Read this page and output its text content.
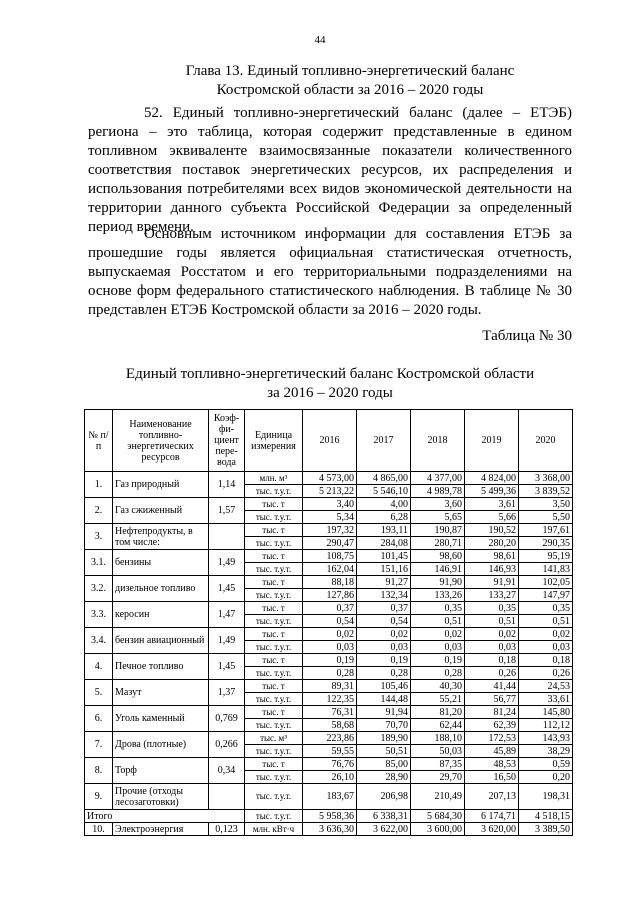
44
Глава 13. Единый топливно-энергетический баланс
Костромской области за 2016 – 2020 годы

52. Единый топливно-энергетический баланс (далее – ЕТЭБ) региона – это таблица, которая содержит представленные в едином топливном эквиваленте взаимосвязанные показатели количественного соответствия поставок энергетических ресурсов, их распределения и использования потребителями всех видов экономической деятельности на территории данного субъекта Российской Федерации за определенный период времени.

Основным источником информации для составления ЕТЭБ за прошедшие годы является официальная статистическая отчетность, выпускаемая Росстатом и его территориальными подразделениями на основе форм федерального статистического наблюдения. В таблице № 30 представлен ЕТЭБ Костромской области за 2016 – 2020 годы.

Таблица № 30
Единый топливно-энергетический баланс Костромской области
за 2016 – 2020 годы
№ п/п	Наименование топливно-энергетических ресурсов	Коэф-фи-циент пере-вода	Единица измерения	2016	2017	2018	2019	2020
1.	Газ природный	1,14	млн. м³	4 573,00	4 865,00	4 377,00	4 824,00	3 368,00
			тыс. т.у.т.	5 213,22	5 546,10	4 989,78	5 499,36	3 839,52
2.	Газ сжиженный	1,57	тыс. т	3,40	4,00	3,60	3,61	3,50
			тыс. т.у.т.	5,34	6,28	5,65	5,66	5,50
3.	Нефтепродукты, в том числе:		тыс. т	197,32	193,11	190,87	190,52	197,61
			тыс. т.у.т.	290,47	284,08	280,71	280,20	290,35
3.1.	бензины	1,49	тыс. т	108,75	101,45	98,60	98,61	95,19
			тыс. т.у.т.	162,04	151,16	146,91	146,93	141,83
3.2.	дизельное топливо	1,45	тыс. т	88,18	91,27	91,90	91,91	102,05
			тыс. т.у.т.	127,86	132,34	133,26	133,27	147,97
3.3.	керосин	1,47	тыс. т	0,37	0,37	0,35	0,35	0,35
			тыс. т.у.т.	0,54	0,54	0,51	0,51	0,51
3.4.	бензин авиационный	1,49	тыс. т	0,02	0,02	0,02	0,02	0,02
			тыс. т.у.т.	0,03	0,03	0,03	0,03	0,03
4.	Печное топливо	1,45	тыс. т	0,19	0,19	0,19	0,18	0,18
			тыс. т.у.т.	0,28	0,28	0,28	0,26	0,26
5.	Мазут	1,37	тыс. т	89,31	105,46	40,30	41,44	24,53
			тыс. т.у.т.	122,35	144,48	55,21	56,77	33,61
6.	Уголь каменный	0,769	тыс. т	76,31	91,94	81,20	81,24	145,80
			тыс. т.у.т.	58,68	70,70	62,44	62,39	112,12
7.	Дрова (плотные)	0,266	тыс. м³	223,86	189,90	188,10	172,53	143,93
			тыс. т.у.т.	59,55	50,51	50,03	45,89	38,29
8.	Торф	0,34	тыс. т	76,76	85,00	87,35	48,53	0,59
			тыс. т.у.т.	26,10	28,90	29,70	16,50	0,20
9.	Прочие (отходы лесозаготовки)		тыс. т.у.т.	183,67	206,98	210,49	207,13	198,31
Итого			тыс. т.у.т.	5 958,36	6 338,31	5 684,30	6 174,71	4 518,15
10.	Электроэнергия	0,123	млн. кВт·ч	3 636,30	3 622,00	3 600,00	3 620,00	3 389,50
